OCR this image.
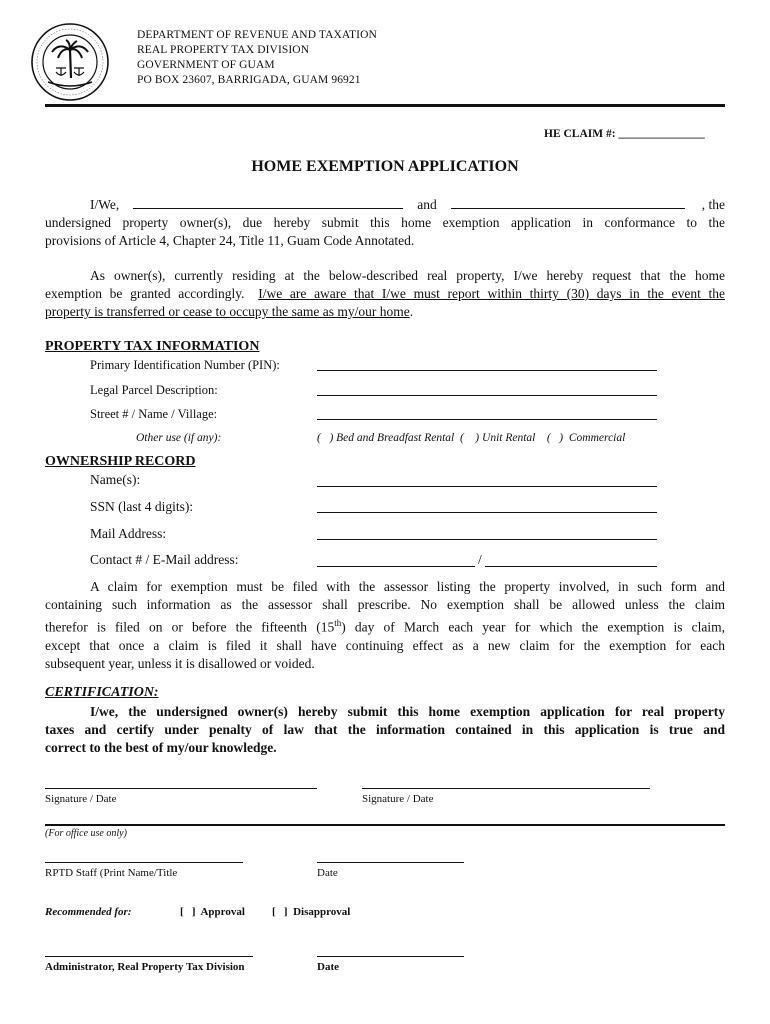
DEPARTMENT OF REVENUE AND TAXATION
REAL PROPERTY TAX DIVISION
GOVERNMENT OF GUAM
PO BOX 23607, BARRIGADA, GUAM 96921
HE CLAIM #: _______________
HOME EXEMPTION APPLICATION
I/We,	and	, the

undersigned property owner(s), due hereby submit this home exemption application in conformance to the

provisions of Article 4, Chapter 24, Title 11, Guam Code Annotated.

As owner(s), currently residing at the below-described real property, I/we hereby request that the home

exemption be granted accordingly. I/we are aware that I/we must report within thirty (30) days in the event the

property is transferred or cease to occupy the same as my/our home.

PROPERTY TAX INFORMATION
Primary Identification Number (PIN):
Legal Parcel Description:
Street # / Name / Village:
Other use (if any):	(   ) Bed and Breadfast Rental  (    ) Unit Rental    (   )  Commercial
OWNERSHIP RECORD
Name(s):
SSN (last 4 digits):
Mail Address:
Contact # / E-Mail address:	/

A claim for exemption must be filed with the assessor listing the property involved, in such form and

containing such information as the assessor shall prescribe. No exemption shall be allowed unless the claim

therefor is filed on or before the fifteenth (15th) day of March each year for which the exemption is claim,

except that once a claim is filed it shall have continuing effect as a new claim for the exemption for each

subsequent year, unless it is disallowed or voided.

CERTIFICATION:

I/we, the undersigned owner(s) hereby submit this home exemption application for real property

taxes and certify under penalty of law that the information contained in this application is true and

correct to the best of my/our knowledge.

Signature / Date	Signature / Date
(For office use only)
RPTD Staff (Print Name/Title	Date
Recommended for:	[   ]  Approval [   ]  Disapproval
Administrator, Real Property Tax Division	Date
